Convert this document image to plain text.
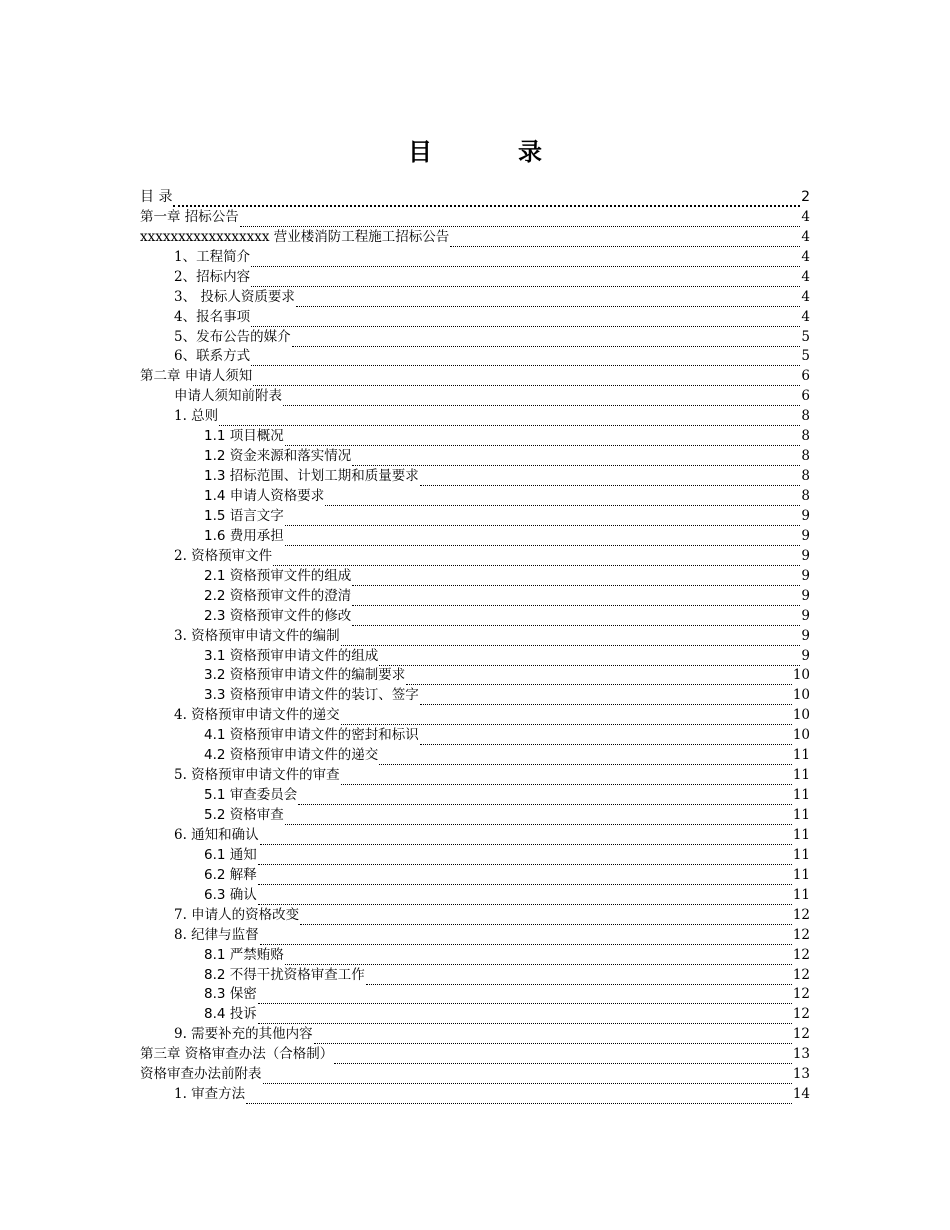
目	录
目 录	2
第一章 招标公告	4
xxxxxxxxxxxxxxxxx 营业楼消防工程施工招标公告	4
1、工程简介	4
2、招标内容	4
3、 投标人资质要求	4
4、报名事项	4
5、发布公告的媒介	5
6、联系方式	5
第二章 申请人须知	6
申请人须知前附表	6
1. 总则	8
1.1 项目概况	8
1.2 资金来源和落实情况	8
1.3 招标范围、计划工期和质量要求	8
1.4 申请人资格要求	8
1.5 语言文字	9
1.6 费用承担	9
2. 资格预审文件	9
2.1 资格预审文件的组成	9
2.2 资格预审文件的澄清	9
2.3 资格预审文件的修改	9
3. 资格预审申请文件的编制	9
3.1 资格预审申请文件的组成	9
3.2 资格预审申请文件的编制要求	10
3.3 资格预审申请文件的装订、签字	10
4. 资格预审申请文件的递交	10
4.1 资格预审申请文件的密封和标识	10
4.2 资格预审申请文件的递交	11
5. 资格预审申请文件的审查	11
5.1 审查委员会	11
5.2 资格审查	11
6. 通知和确认	11
6.1 通知	11
6.2 解释	11
6.3 确认	11
7. 申请人的资格改变	12
8. 纪律与监督	12
8.1 严禁贿赂	12
8.2 不得干扰资格审查工作	12
8.3 保密	12
8.4 投诉	12
9. 需要补充的其他内容	12
第三章 资格审查办法（合格制）	13
资格审查办法前附表	13
1. 审查方法	14
